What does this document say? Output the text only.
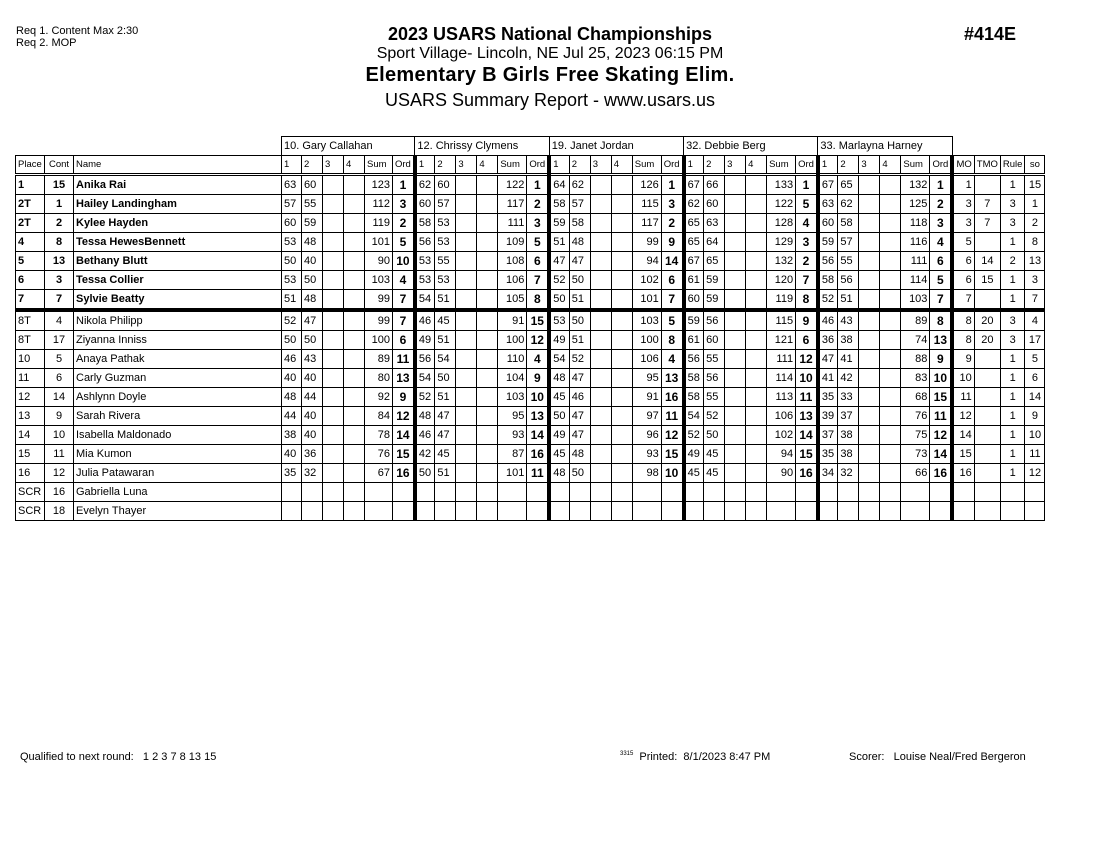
Req 1. Content Max 2:30
Req 2. MOP	#414E
2023 USARS National Championships
Sport Village- Lincoln, NE Jul 25, 2023 06:15 PM
Elementary B Girls Free Skating Elim.
USARS Summary Report - www.usars.us
			10. Gary Callahan						12. Chrissy Clymens						19. Janet Jordan						32. Debbie Berg						33. Marlayna Harney									
Place	Cont	Name	1	2	3	4	Sum	Ord	1	2	3	4	Sum	Ord	1	2	3	4	Sum	Ord	1	2	3	4	Sum	Ord	1	2	3	4	Sum	Ord	MO	TMO	Rule	so
1	15	Anika Rai	63	60			123	1	62	60			122	1	64	62			126	1	67	66			133	1	67	65			132	1	1		1	15
2T	1	Hailey Landingham	57	55			112	3	60	57			117	2	58	57			115	3	62	60			122	5	63	62			125	2	3	7	3	1
2T	2	Kylee Hayden	60	59			119	2	58	53			111	3	59	58			117	2	65	63			128	4	60	58			118	3	3	7	3	2
4	8	Tessa HewesBennett	53	48			101	5	56	53			109	5	51	48			99	9	65	64			129	3	59	57			116	4	5		1	8
5	13	Bethany Blutt	50	40			90	10	53	55			108	6	47	47			94	14	67	65			132	2	56	55			111	6	6	14	2	13
6	3	Tessa Collier	53	50			103	4	53	53			106	7	52	50			102	6	61	59			120	7	58	56			114	5	6	15	1	3
7	7	Sylvie Beatty	51	48			99	7	54	51			105	8	50	51			101	7	60	59			119	8	52	51			103	7	7		1	7
8T	4	Nikola Philipp	52	47			99	7	46	45			91	15	53	50			103	5	59	56			115	9	46	43			89	8	8	20	3	4
8T	17	Ziyanna Inniss	50	50			100	6	49	51			100	12	49	51			100	8	61	60			121	6	36	38			74	13	8	20	3	17
10	5	Anaya Pathak	46	43			89	11	56	54			110	4	54	52			106	4	56	55			111	12	47	41			88	9	9		1	5
11	6	Carly Guzman	40	40			80	13	54	50			104	9	48	47			95	13	58	56			114	10	41	42			83	10	10		1	6
12	14	Ashlynn Doyle	48	44			92	9	52	51			103	10	45	46			91	16	58	55			113	11	35	33			68	15	11		1	14
13	9	Sarah Rivera	44	40			84	12	48	47			95	13	50	47			97	11	54	52			106	13	39	37			76	11	12		1	9
14	10	Isabella Maldonado	38	40			78	14	46	47			93	14	49	47			96	12	52	50			102	14	37	38			75	12	14		1	10
15	11	Mia Kumon	40	36			76	15	42	45			87	16	45	48			93	15	49	45			94	15	35	38			73	14	15		1	11
16	12	Julia Patawaran	35	32			67	16	50	51			101	11	48	50			98	10	45	45			90	16	34	32			66	16	16		1	12
SCR	16	Gabriella Luna																																		
SCR	18	Evelyn Thayer																																		
Qualified to next round: 1 2 3 7 8 13 15	$^{3315}$ Printed: 8/1/2023 8:47 PM	Scorer: Louise Neal/Fred Bergeron
